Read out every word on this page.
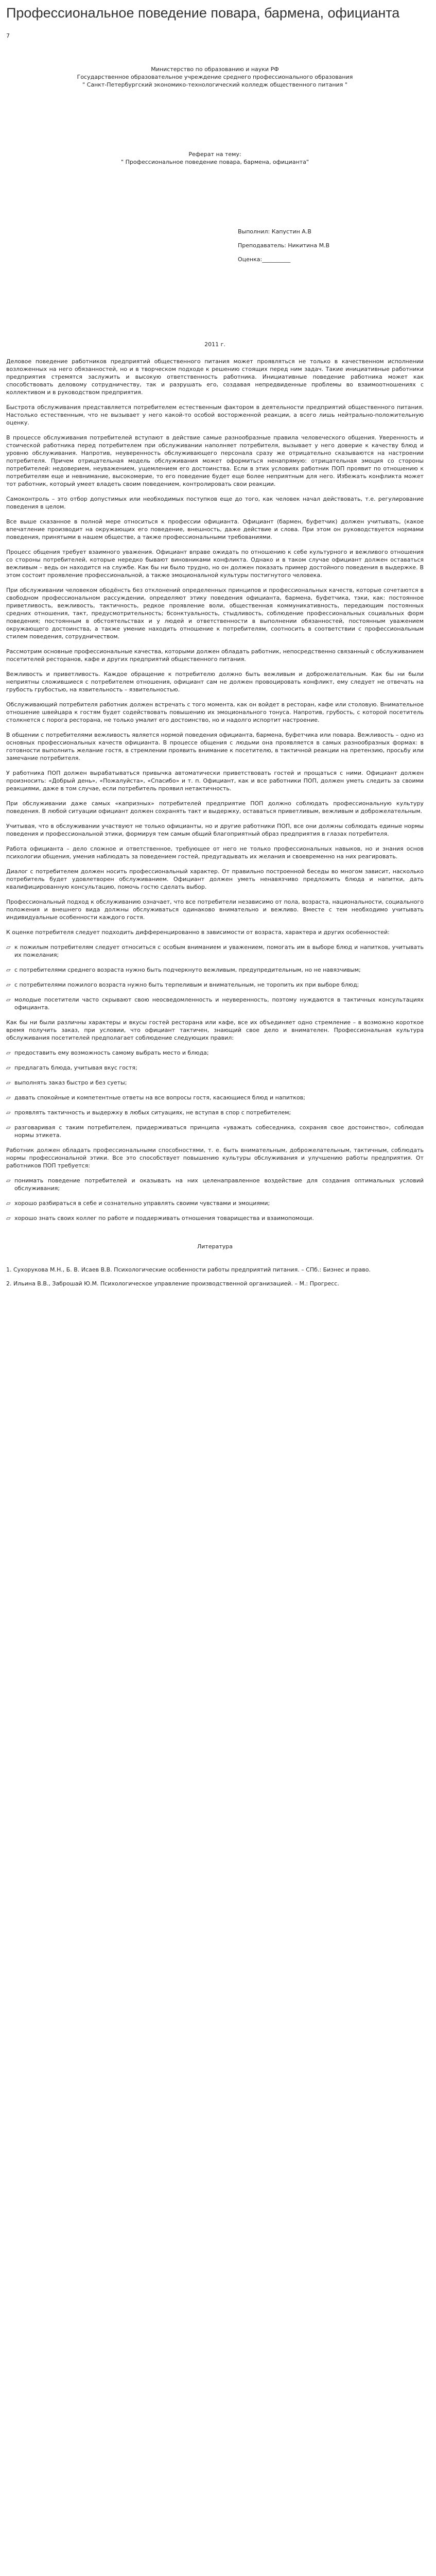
Профессиональное поведение повара, бармена, официанта
7
Министерство по образованию и науки РФ
Государственное образовательное учреждение среднего профессионального образования
" Санкт-Петербургский экономико-технологический колледж общественного питания "
Реферат на тему:
" Профессиональное поведение повара, бармена, официанта"

Выполнил: Капустин А.В

Преподаватель: Никитина М.В

Оценка:__________

2011 г.

Деловое поведение работников предприятий общественного питания может проявляться не только в качественном исполнении возложенных на него обязанностей, но и в творческом подходе к решению стоящих перед ним задач. Такие инициативные работники предприятия стремятся заслужить и высокую ответственность работника. Инициативные поведение работника может как способствовать деловому сотрудничеству, так и разрушать его, создавая непредвиденные проблемы во взаимоотношениях с коллективом и в руководством предприятия.

Быстрота обслуживания представляется потребителем естественным фактором в деятельности предприятий общественного питания. Настолько естественным, что не вызывает у него какой-то особой восторженной реакции, а всего лишь нейтрально-положительную оценку.

В процессе обслуживания потребителей вступают в действие самые разнообразные правила человеческого общения. Уверенность и стоической работника перед потребителем при обслуживании наполняет потребителя, вызывает у него доверие к качеству блюд и уровню обслуживания. Напротив, неуверенность обслуживающего персонала сразу же отрицательно сказываются на настроении потребителя. Причем отрицательная модель обслуживания может оформиться ненапрямую: отрицательная эмоция со стороны потребителей: недоверием, неуважением, ущемлением его достоинства. Если в этих условиях работник ПОП проявит по отношению к потребителям еще и невнимание, высокомерие, то его поведение будет еще более неприятным для него. Избежать конфликта может тот работник, который умеет владеть своим поведением, контролировать свои реакции.

Самоконтроль – это отбор допустимых или необходимых поступков еще до того, как человек начал действовать, т.е. регулирование поведения в целом.

Все выше сказанное в полной мере относиться к профессии официанта. Официант (бармен, буфетчик) должен учитывать, (какое впечатление производит на окружающих его поведение, внешность, даже действие и слова. При этом он руководствуется нормами поведения, принятыми в нашем обществе, а также профессиональными требованиями.

Процесс общения требует взаимного уважения. Официант вправе ожидать по отношению к себе культурного и вежливого отношения со стороны потребителей, которые нередко бывают виновниками конфликта. Однако и в таком случае официант должен оставаться вежливым – ведь он находится на службе. Как бы ни было трудно, но он должен показать пример достойного поведения в выдержке. В этом состоит проявление профессиональной, а также эмоциональной культуры постигнутого человека.

При обслуживании человеком ободёнсть без отклонений определенных принципов и профессиональных качеств, которые сочетаются в свободном профессиональном рассуждении, определяют этику поведения официанта, бармена, буфетчика, тэки, как: постоянное приветливость, вежливость, тактичность, редкое проявление воли, общественная коммуникативность, передающим постоянных средних отношения, такт, предусмотрительность; бсонктуальность, стыдливость, соблюдение профессиональных социальных форм поведения; постоянным в обстоятельствах и у людей и ответственности в выполнении обязанностей, постоянным уважением окружающего достоинства, а также умение находить отношение к потребителям, соотносить в соответствии с профессиональным стилем поведения, сотрудничеством.

Рассмотрим основные профессиональные качества, которыми должен обладать работник, непосредственно связанный с обслуживанием посетителей ресторанов, кафе и других предприятий общественного питания.

Вежливость и приветливость. Каждое обращение к потребителю должно быть вежливым и доброжелательным. Как бы ни были неприятны сложившиеся с потребителем отношения, официант сам не должен провоцировать конфликт, ему следует не отвечать на грубость грубостью, на язвительность – язвительностью.

Обслуживающий потребителя работник должен встречать с того момента, как он войдет в ресторан, кафе или столовую. Внимательное отношение швейцара к гостям будет содействовать повышению их эмоционального тонуса. Напротив, грубость, с которой посетитель столкнется с порога ресторана, не только умалит его достоинство, но и надолго испортит настроение.

В общении с потребителями вежливость является нормой поведения официанта, бармена, буфетчика или повара. Вежливость – одно из основных профессиональных качеств официанта. В процессе общения с людьми она проявляется в самых разнообразных формах: в готовности выполнить желание гостя, в стремлении проявить внимание к посетителю, в тактичной реакции на претензию, просьбу или замечание потребителя.

У работника ПОП должен вырабатываться привычка автоматически приветствовать гостей и прощаться с ними. Официант должен произносить: «Добрый день», «Пожалуйста», «Спасибо» и т. п. Официант, как и все работники ПОП, должен уметь следить за своими реакциями, даже в том случае, если потребитель проявил нетактичность.

При обслуживании даже самых «капризных» потребителей предприятие ПОП должно соблюдать профессиональную культуру поведения. В любой ситуации официант должен сохранять такт и выдержку, оставаться приветливым, вежливым и доброжелательным.

Учитывая, что в обслуживании участвуют не только официанты, но и другие работники ПОП, все они должны соблюдать единые нормы поведения и профессиональной этики, формируя тем самым общий благоприятный образ предприятия в глазах потребителя.

Работа официанта – дело сложное и ответственное, требующее от него не только профессиональных навыков, но и знания основ психологии общения, умения наблюдать за поведением гостей, предугадывать их желания и своевременно на них реагировать.

Диалог с потребителем должен носить профессиональный характер. От правильно построенной беседы во многом зависит, насколько потребитель будет удовлетворен обслуживанием. Официант должен уметь ненавязчиво предложить блюда и напитки, дать квалифицированную консультацию, помочь гостю сделать выбор.

Профессиональный подход к обслуживанию означает, что все потребители независимо от пола, возраста, национальности, социального положения и внешнего вида должны обслуживаться одинаково внимательно и вежливо. Вместе с тем необходимо учитывать индивидуальные особенности каждого гостя.

К оценке потребителя следует подходить дифференцированно в зависимости от возраста, характера и других особенностей:

▱ к пожилым потребителям следует относиться с особым вниманием и уважением, помогать им в выборе блюд и напитков, учитывать их пожелания;

▱ с потребителями среднего возраста нужно быть подчеркнуто вежливым, предупредительным, но не навязчивым;

▱ с потребителями пожилого возраста нужно быть терпеливым и внимательным, не торопить их при выборе блюд;

▱ молодые посетители часто скрывают свою неосведомленность и неуверенность, поэтому нуждаются в тактичных консультациях официанта.

Как бы ни были различны характеры и вкусы гостей ресторана или кафе, все их объединяет одно стремление – в возможно короткое время получить заказ, при условии, что официант тактичен, знающий свое дело и внимателен. Профессиональная культура обслуживания посетителей предполагает соблюдение следующих правил:

▱ предоставить ему возможность самому выбрать место и блюда;

▱ предлагать блюда, учитывая вкус гостя;

▱ выполнять заказ быстро и без суеты;

▱ давать спокойные и компетентные ответы на все вопросы гостя, касающиеся блюд и напитков;

▱ проявлять тактичность и выдержку в любых ситуациях, не вступая в спор с потребителем;

▱ разговаривая с таким потребителем, придерживаться принципа «уважать собеседника, сохраняя свое достоинство», соблюдая нормы этикета.

Работник должен обладать профессиональными способностями, т. е. быть внимательным, доброжелательным, тактичным, соблюдать нормы профессиональной этики. Все это способствует повышению культуры обслуживания и улучшению работы предприятия. От работников ПОП требуется:

▱ понимать поведение потребителей и оказывать на них целенаправленное воздействие для создания оптимальных условий обслуживания;

▱ хорошо разбираться в себе и сознательно управлять своими чувствами и эмоциями;

▱ хорошо знать своих коллег по работе и поддерживать отношения товарищества и взаимопомощи.

Литература

1. Сухорукова М.Н., Б. В. Исаев В.В. Психологические особенности работы предприятий питания. – СПб.: Бизнес и право.

2. Ильина В.В., Заброшай Ю.М. Психологическое управление производственной организацией. – М.: Прогресс.
